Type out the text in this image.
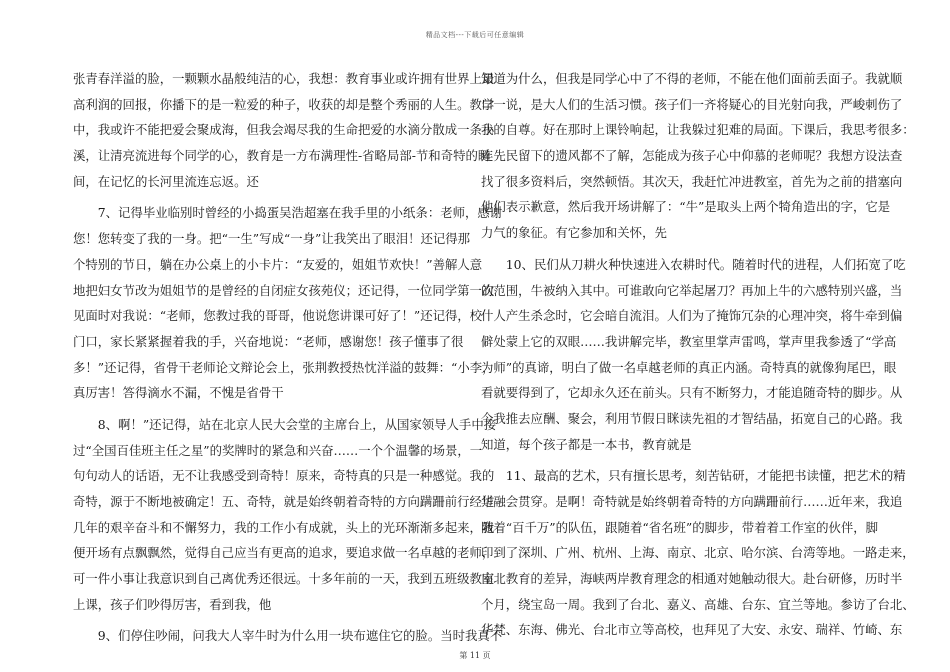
精品文档---下载后可任意编辑
张青春洋溢的脸，一颗颗水晶般纯洁的心，我想：教育事业或许拥有世界上最
高利润的回报，你播下的是一粒爱的种子，收获的却是整个秀丽的人生。教学
中，我或许不能把爱会聚成海，但我会竭尽我的生命把爱的水滴分散成一条小
溪，让清亮流进每个同学的心，教育是一方布满理性-省略局部-节和奇特的瞬
间，在记忆的长河里流连忘返。还
　　7、记得毕业临别时曾经的小捣蛋吴浩超塞在我手里的小纸条：老师，感谢
您！您转变了我的一身。把“一生”写成“一身”让我笑出了眼泪！还记得那
个特别的节日，躺在办公桌上的小卡片：“友爱的，姐姐节欢快！”善解人意
地把妇女节改为姐姐节的是曾经的自闭症女孩苑仪；还记得，一位同学第一次
见面时对我说：“老师，您教过我的哥哥，他说您讲课可好了！”还记得，校
门口，家长紧紧握着我的手，兴奋地说：“老师，感谢您！孩子懂事了很
多！”还记得，省骨干老师论文辩论会上，张荆教授热忱洋溢的鼓舞：“小李，
真厉害！答得滴水不漏，不愧是省骨干
　　8、啊！”还记得，站在北京人民大会堂的主席台上，从国家领导人手中接
过“全国百佳班主任之星”的奖牌时的紧急和兴奋……一个个温馨的场景，一
句句动人的话语，无不让我感受到奇特！原来，奇特真的只是一种感觉。我的
奇特，源于不断地被确定！五、奇特，就是始终朝着奇特的方向蹒跚前行经过
几年的艰辛奋斗和不懈努力，我的工作小有成就，头上的光环渐渐多起来，我
便开场有点飘飘然，觉得自己应当有更高的追求，要追求做一名卓越的老师，
可一件小事让我意识到自己离优秀还很远。十多年前的一天，我到五班级教室
上课，孩子们吵得厉害，看到我，他
　　9、们停住吵闹，问我大人宰牛时为什么用一块布遮住它的脸。当时我真不
知道为什么，但我是同学心中了不得的老师，不能在他们面前丢面子。我就顺
口一说，是大人们的生活习惯。孩子们一齐将疑心的目光射向我，严峻刺伤了
我的自尊。好在那时上课铃响起，让我躲过犯难的局面。下课后，我思考很多：
连先民留下的遗风都不了解，怎能成为孩子心中仰慕的老师呢？我想方设法查
找了很多资料后，突然顿悟。其次天，我赶忙冲进教室，首先为之前的措塞向
他们表示歉意，然后我开场讲解了：“牛”是取头上两个犄角造出的字，它是
力气的象征。有它参加和关怀，先
　　10、民们从刀耕火种快速进入农耕时代。随着时代的进程，人们拓宽了吃
的范围，牛被纳入其中。可谁敢向它举起屠刀？再加上牛的六感特别兴盛，当
什人产生杀念时，它会暗自流泪。人们为了掩饰冗杂的心理冲突，将牛牵到偏
僻处蒙上它的双眼……我讲解完毕，教室里掌声雷鸣，掌声里我参透了“学高
为师”的真谛，明白了做一名卓越老师的真正内涵。奇特真的就像狗尾巴，眼
看就要得到了，它却永久还在前头。只有不断努力，才能追随奇特的脚步。从
今我推去应酬、聚会，利用节假日眯读先祖的才智结晶，拓宽自己的心路。我
知道，每个孩子都是一本书，教育就是
　　11、最高的艺术，只有擅长思考，刻苦钻研，才能把书读懂，把艺术的精
华融会贯穿。是啊！奇特就是始终朝着奇特的方向蹒跚前行……近年来，我追
随着“百千万”的队伍，跟随着“省名班”的脚步，带着着工作室的伙伴，脚
印到了深圳、广州、杭州、上海、南京、北京、哈尔滨、台湾等地。一路走来，
南北教育的差异，海峡两岸教育理念的相通对她触动很大。赴台研修，历时半
个月，绕宝岛一周。我到了台北、嘉义、高雄、台东、宜兰等地。参访了台北、
华梵、东海、佛光、台北市立等高校，也拜见了大安、永安、瑞祥、竹崎、东
第 11 页
